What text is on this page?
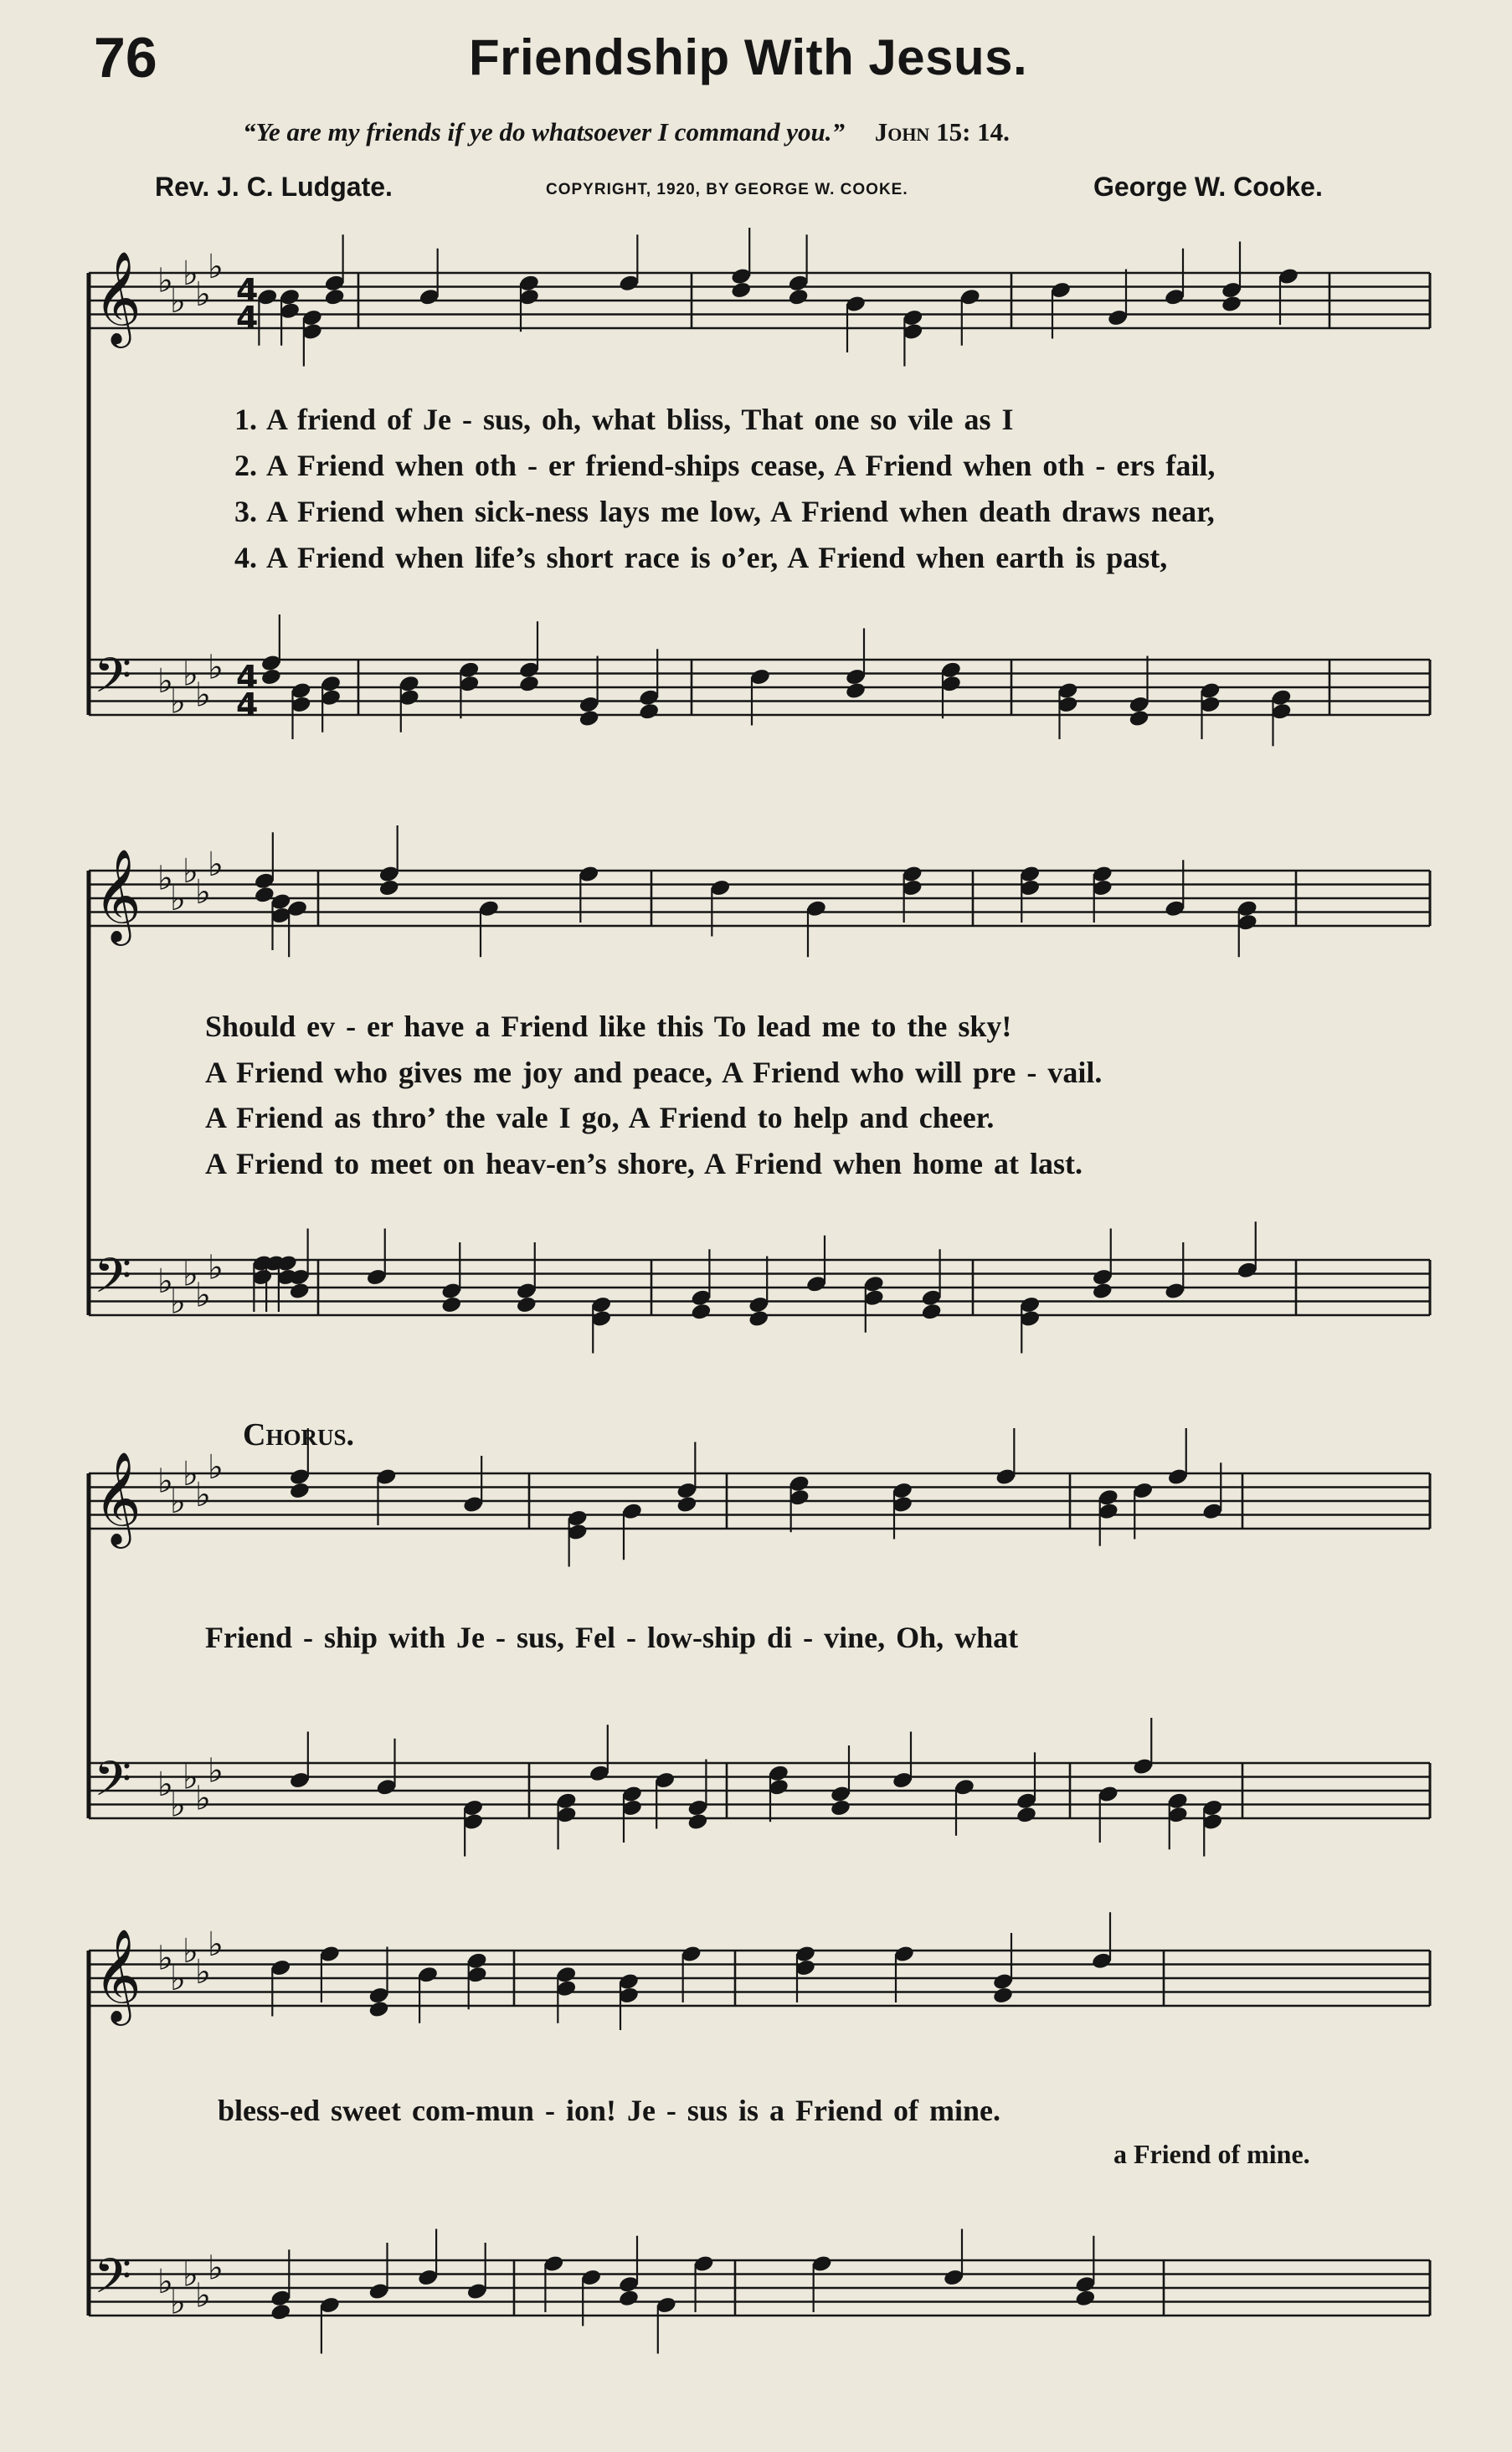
76	Friendship With Jesus.
“Ye are my friends if ye do whatsoever I command you.” John 15: 14.
Rev. J. C. Ludgate.	COPYRIGHT, 1920, BY GEORGE W. COOKE.	George W. Cooke.
𝄞 ♭
♭
♭
♭
♭
𝄢 ♭
♭
♭
♭
♭
𝄞 ♭
♭
♭
♭
♭
𝄢 ♭
♭
♭
♭
♭
𝄞 ♭
♭
♭
♭
♭
𝄢 ♭
♭
♭
♭
♭
𝄞 ♭
♭
♭
♭
♭
𝄢 ♭
♭
♭
♭
♭
4
4
4
4
1. A friend of Je - sus, oh, what bliss, That one so vile as I
2. A Friend when oth - er friend-ships cease, A Friend when oth - ers fail,
3. A Friend when sick-ness lays me low, A Friend when death draws near,
4. A Friend when life’s short race is o’er, A Friend when earth is past,
Should ev - er have a Friend like this To lead me to the sky!
A Friend who gives me joy and peace, A Friend who will pre - vail.
A Friend as thro’ the vale I go, A Friend to help and cheer.
A Friend to meet on heav-en’s shore, A Friend when home at last.
Chorus.
Friend - ship with Je - sus, Fel - low-ship di - vine, Oh, what
bless-ed sweet com-mun - ion! Je - sus is a Friend of mine.
a Friend of mine.
